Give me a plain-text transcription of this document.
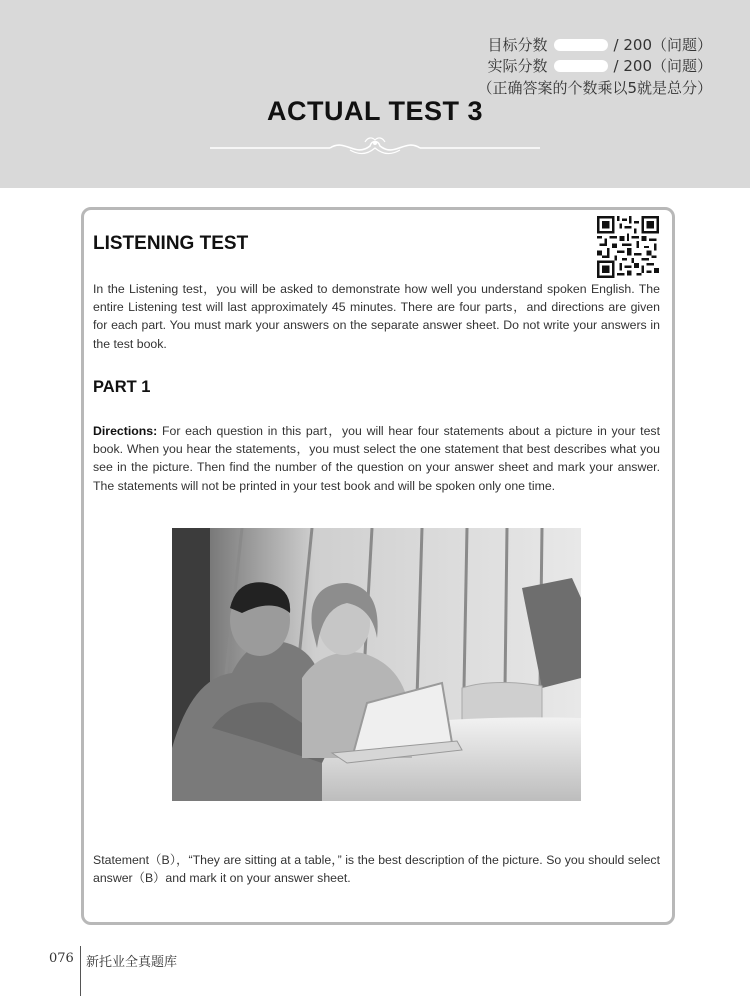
目标分数	/ 200（问题）
实际分数	/ 200（问题）
（正确答案的个数乘以5就是总分）
ACTUAL TEST 3
LISTENING TEST
In the Listening test，you will be asked to demonstrate how well you understand spoken English. The entire Listening test will last approximately 45 minutes. There are four parts，and directions are given for each part. You must mark your answers on the separate answer sheet. Do not write your answers in the test book.
PART 1
Directions: For each question in this part，you will hear four statements about a picture in your test book. When you hear the statements，you must select the one statement that best describes what you see in the picture. Then find the number of the question on your answer sheet and mark your answer. The statements will not be printed in your test book and will be spoken only one time.
Statement（B），“They are sitting at a table，” is the best description of the picture. So you should select answer（B）and mark it on your answer sheet.
076 新托业全真题库
